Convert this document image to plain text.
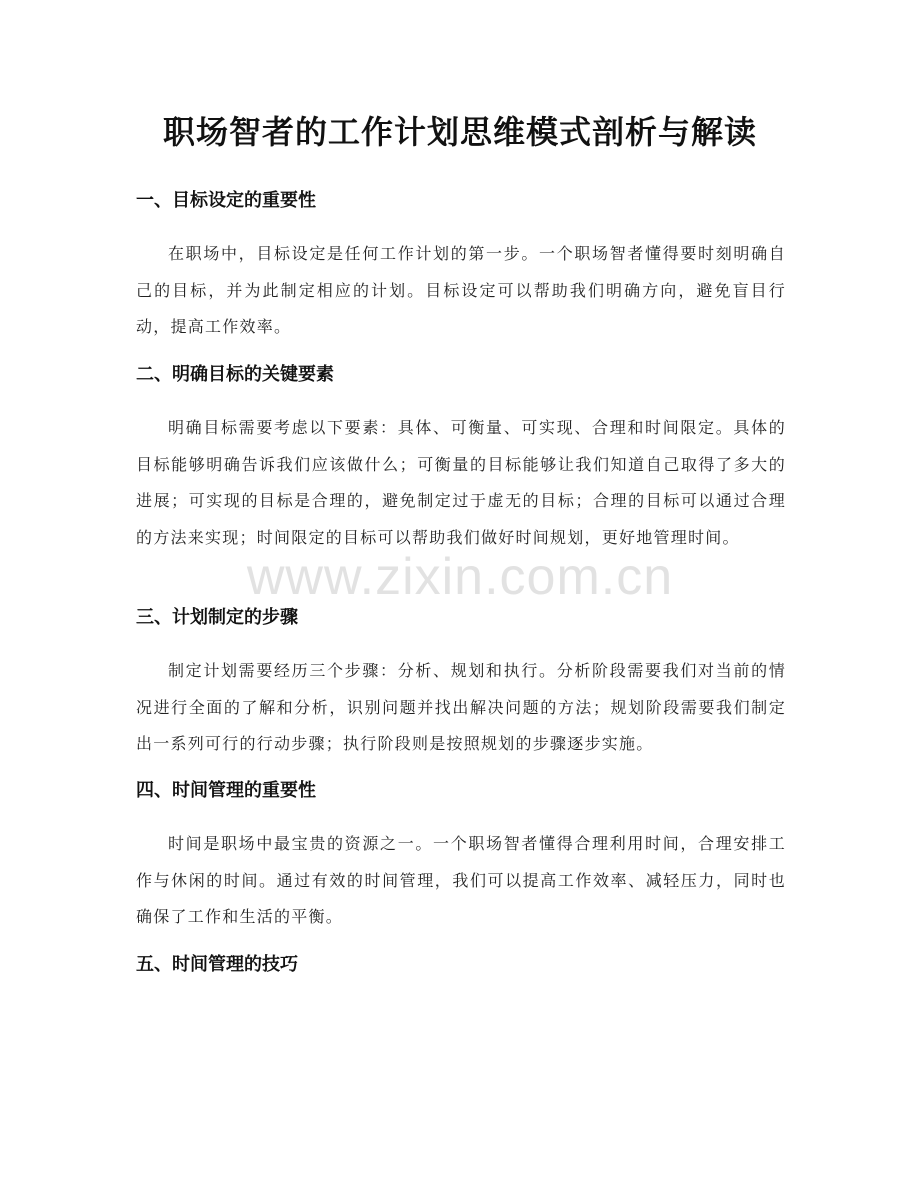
职场智者的工作计划思维模式剖析与解读
一、目标设定的重要性

在职场中，目标设定是任何工作计划的第一步。一个职场智者懂得要时刻明确自己的目标，并为此制定相应的计划。目标设定可以帮助我们明确方向，避免盲目行动，提高工作效率。

二、明确目标的关键要素

明确目标需要考虑以下要素：具体、可衡量、可实现、合理和时间限定。具体的目标能够明确告诉我们应该做什么；可衡量的目标能够让我们知道自己取得了多大的进展；可实现的目标是合理的，避免制定过于虚无的目标；合理的目标可以通过合理的方法来实现；时间限定的目标可以帮助我们做好时间规划，更好地管理时间。

三、计划制定的步骤

制定计划需要经历三个步骤：分析、规划和执行。分析阶段需要我们对当前的情况进行全面的了解和分析，识别问题并找出解决问题的方法；规划阶段需要我们制定出一系列可行的行动步骤；执行阶段则是按照规划的步骤逐步实施。

四、时间管理的重要性

时间是职场中最宝贵的资源之一。一个职场智者懂得合理利用时间，合理安排工作与休闲的时间。通过有效的时间管理，我们可以提高工作效率、减轻压力，同时也确保了工作和生活的平衡。

五、时间管理的技巧
www.zixin.com.cn
